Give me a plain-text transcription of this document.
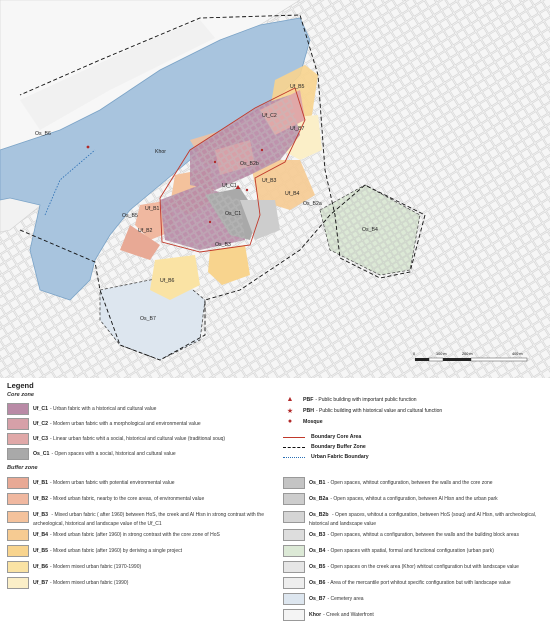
Khor
Os_B6
Os_B7
Os_B4
Os_B5
Os_B3
Os_B2a
Os_B2b
Os_C1
Uf_C1
Uf_C2
Uf_B1
Uf_B2
Uf_B3
Uf_B4
Uf_B5
Uf_B6
Uf_B7
0	100 m	200 m	400 m
Legend
Core zone
Uf_C1 - Urban fabric with a historical and cultural value
Uf_C2 - Modern urban fabric with a morphological and environmental value
Uf_C3 - Linear urban fabric whit a social, historical and cultural value (traditional souq)
Os_C1 - Open spaces with a social, historical and cultural value
Buffer zone
Uf_B1 - Modern urban fabric with potential environmental value
Uf_B2 - Mixed urban fabric, nearby to the core areas, of environmental value
Uf_B3 - Mixed urban fabric ( after 1960) between HoS, the creek and Al Hisn in strong contrast with the archeological, historical and landscape value of the Uf_C1
Uf_B4 - Mixed urban fabric (after 1960) in strong contrast with the core zone of HoS
Uf_B5 - Mixed urban fabric (after 1960) by deriving a single project
Uf_B6 - Modern mixed urban fabric (1970-1990)
Uf_B7 - Modern mixed urban fabric (1990)
▲	PBF - Public building with important public function
★	PBH - Public building with historical value and cultural function
●	Mosque
Boundary Core Area
Boundary Buffer Zone
Urban Fabric Boundary
Os_B1 - Open spaces, whitout configuration, between the walls and the core zone
Os_B2a - Open spaces, whitout a configuration, between Al Hisn and the urban park
Os_B2b - Open spaces, whitout a configuration, between HoS (souq) and Al Hisn, with archeological, historical and landscape value
Os_B3 - Open spaces, whitout a configuration, between the walls and the building block areas
Os_B4 - Open spaces with spatial, formal and functional configuration (urban park)
Os_B5 - Open spaces on the creek area (Khor) whitout configuration but with landscape value
Os_B6 - Area of the mercantile port whitout specific configuration but with landscape value
Os_B7 - Cemetery area
Khor - Creek and Waterfront
